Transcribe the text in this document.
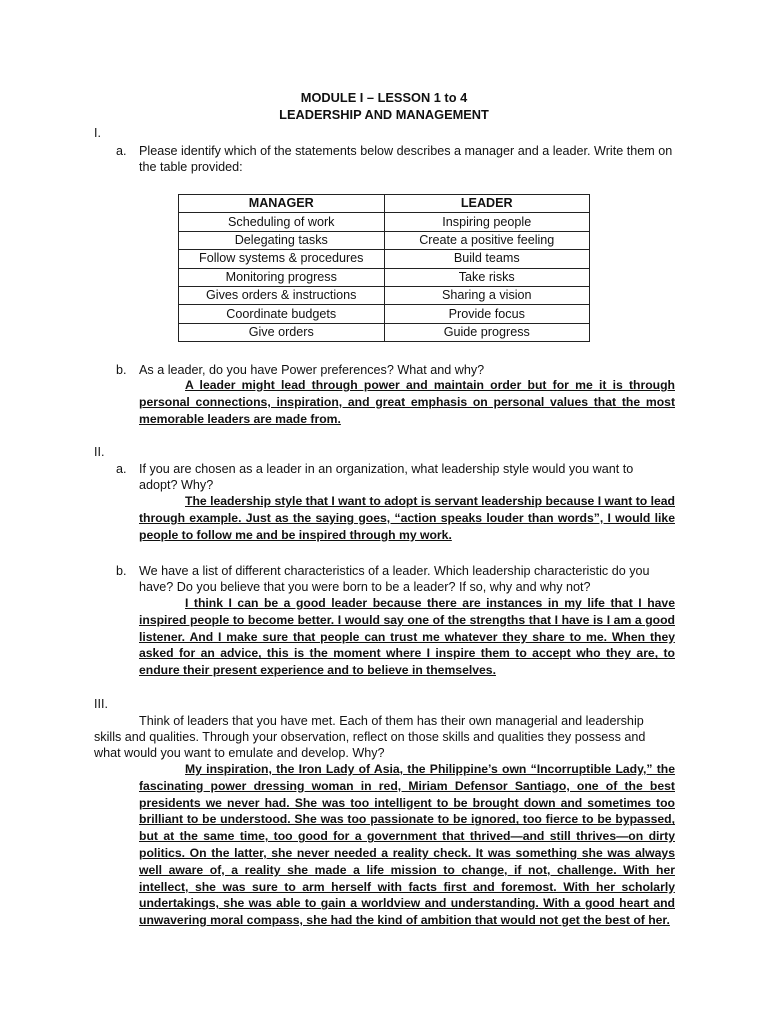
MODULE I – LESSON 1 to 4
LEADERSHIP AND MANAGEMENT
I.
a. Please identify which of the statements below describes a manager and a leader. Write them on the table provided:
MANAGER	LEADER
Scheduling of work	Inspiring people
Delegating tasks	Create a positive feeling
Follow systems & procedures	Build teams
Monitoring progress	Take risks
Gives orders & instructions	Sharing a vision
Coordinate budgets	Provide focus
Give orders	Guide progress
b. As a leader, do you have Power preferences? What and why?
A leader might lead through power and maintain order but for me it is through personal connections, inspiration, and great emphasis on personal values that the most memorable leaders are made from.
II.
a. If you are chosen as a leader in an organization, what leadership style would you want to adopt? Why?
The leadership style that I want to adopt is servant leadership because I want to lead through example. Just as the saying goes, “action speaks louder than words”, I would like people to follow me and be inspired through my work.
b. We have a list of different characteristics of a leader. Which leadership characteristic do you have? Do you believe that you were born to be a leader? If so, why and why not?
I think I can be a good leader because there are instances in my life that I have inspired people to become better. I would say one of the strengths that I have is I am a good listener. And I make sure that people can trust me whatever they share to me. When they asked for an advice, this is the moment where I inspire them to accept who they are, to endure their present experience and to believe in themselves.
III.
Think of leaders that you have met. Each of them has their own managerial and leadership skills and qualities. Through your observation, reflect on those skills and qualities they possess and what would you want to emulate and develop. Why?
My inspiration, the Iron Lady of Asia, the Philippine’s own “Incorruptible Lady,” the fascinating power dressing woman in red, Miriam Defensor Santiago, one of the best presidents we never had. She was too intelligent to be brought down and sometimes too brilliant to be understood. She was too passionate to be ignored, too fierce to be bypassed, but at the same time, too good for a government that thrived—and still thrives—on dirty politics. On the latter, she never needed a reality check. It was something she was always well aware of, a reality she made a life mission to change, if not, challenge. With her intellect, she was sure to arm herself with facts first and foremost. With her scholarly undertakings, she was able to gain a worldview and understanding. With a good heart and unwavering moral compass, she had the kind of ambition that would not get the best of her.
